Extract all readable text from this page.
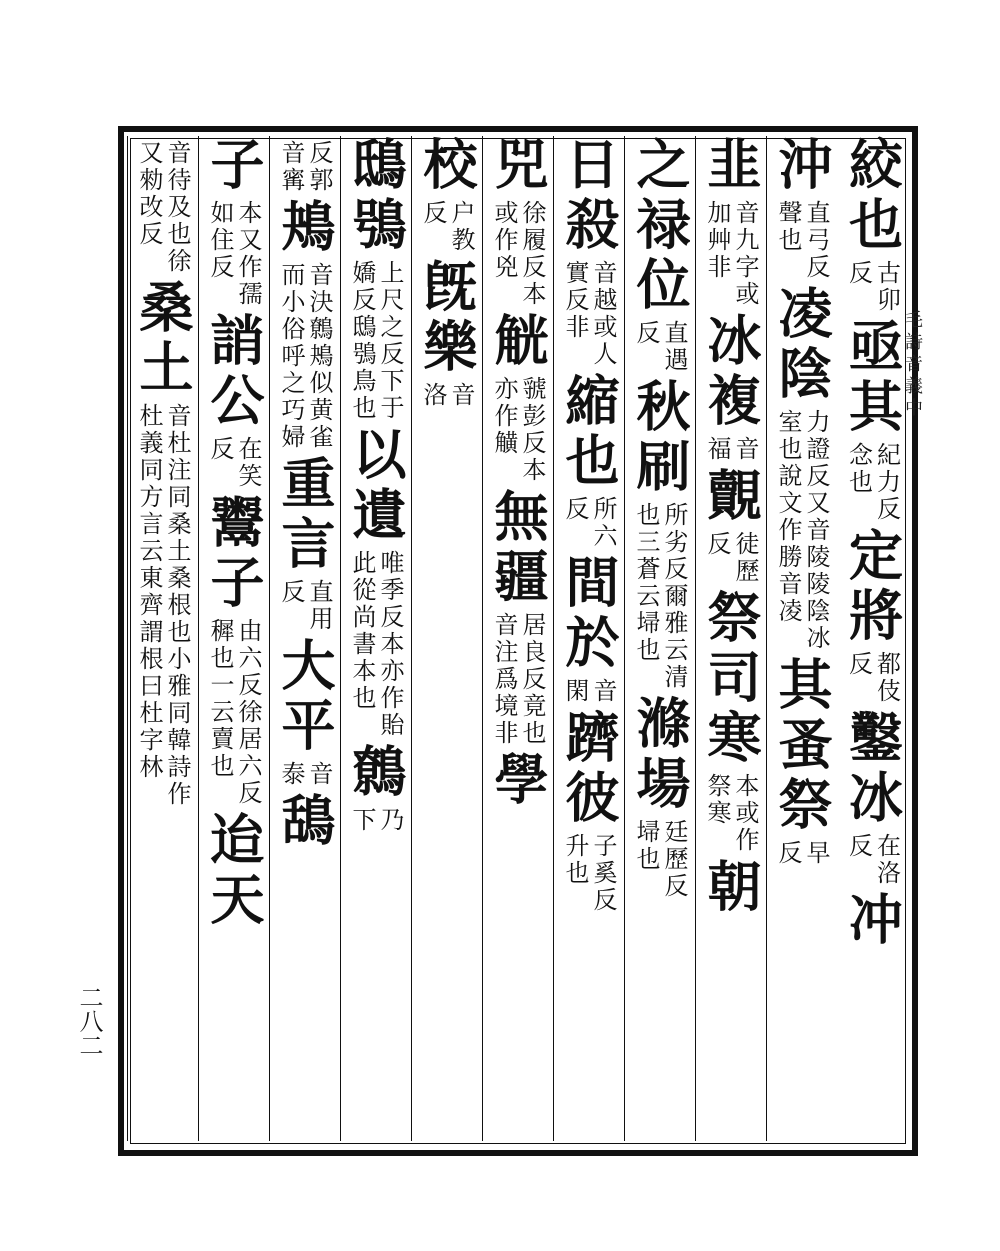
絞也
古卯反
亟其
紀力反念也
定將
都伎反
鑿冰
在洛反
冲
沖
直弓反聲也
凌陰
力證反又音陵陵陰冰室也說文作勝音凌
其蚤祭
早反
韭
音九字或加艸非
冰複
音福
覿
徒歷反
祭司寒
本或作祭寒
朝
之禄位
直遇反
秋刷
所劣反爾雅云清也三蒼云埽也
滌場
廷歷反埽也
日殺
音越或人實反非
縮也
所六反
間於
音閑
躋彼
子奚反升也
兕
徐履反本或作兇
觥
虢彭反本亦作觵
無疆
居良反竟也音注爲境非
學
校
户教反
旣樂
音洛
鴟鴞
上尺之反下于嬌反鴟鴞鳥也
以遺
唯季反本亦作貽此從尚書本也
鷯
乃下
反郭音寗
鴂
音決鷯鴂似黄雀而小俗呼之巧婦
重言
直用反
大平
音泰
鴰
子
本又作孺如住反
誚公
在笑反
鬻子
由六反徐居六反穉也一云賣也
迨天
音待及也徐又勑改反
桑土
音杜注同桑土桑根也小雅同韓詩作杜義同方言云東齊謂根曰杜字林
毛
詩
音
義
中
二八二
